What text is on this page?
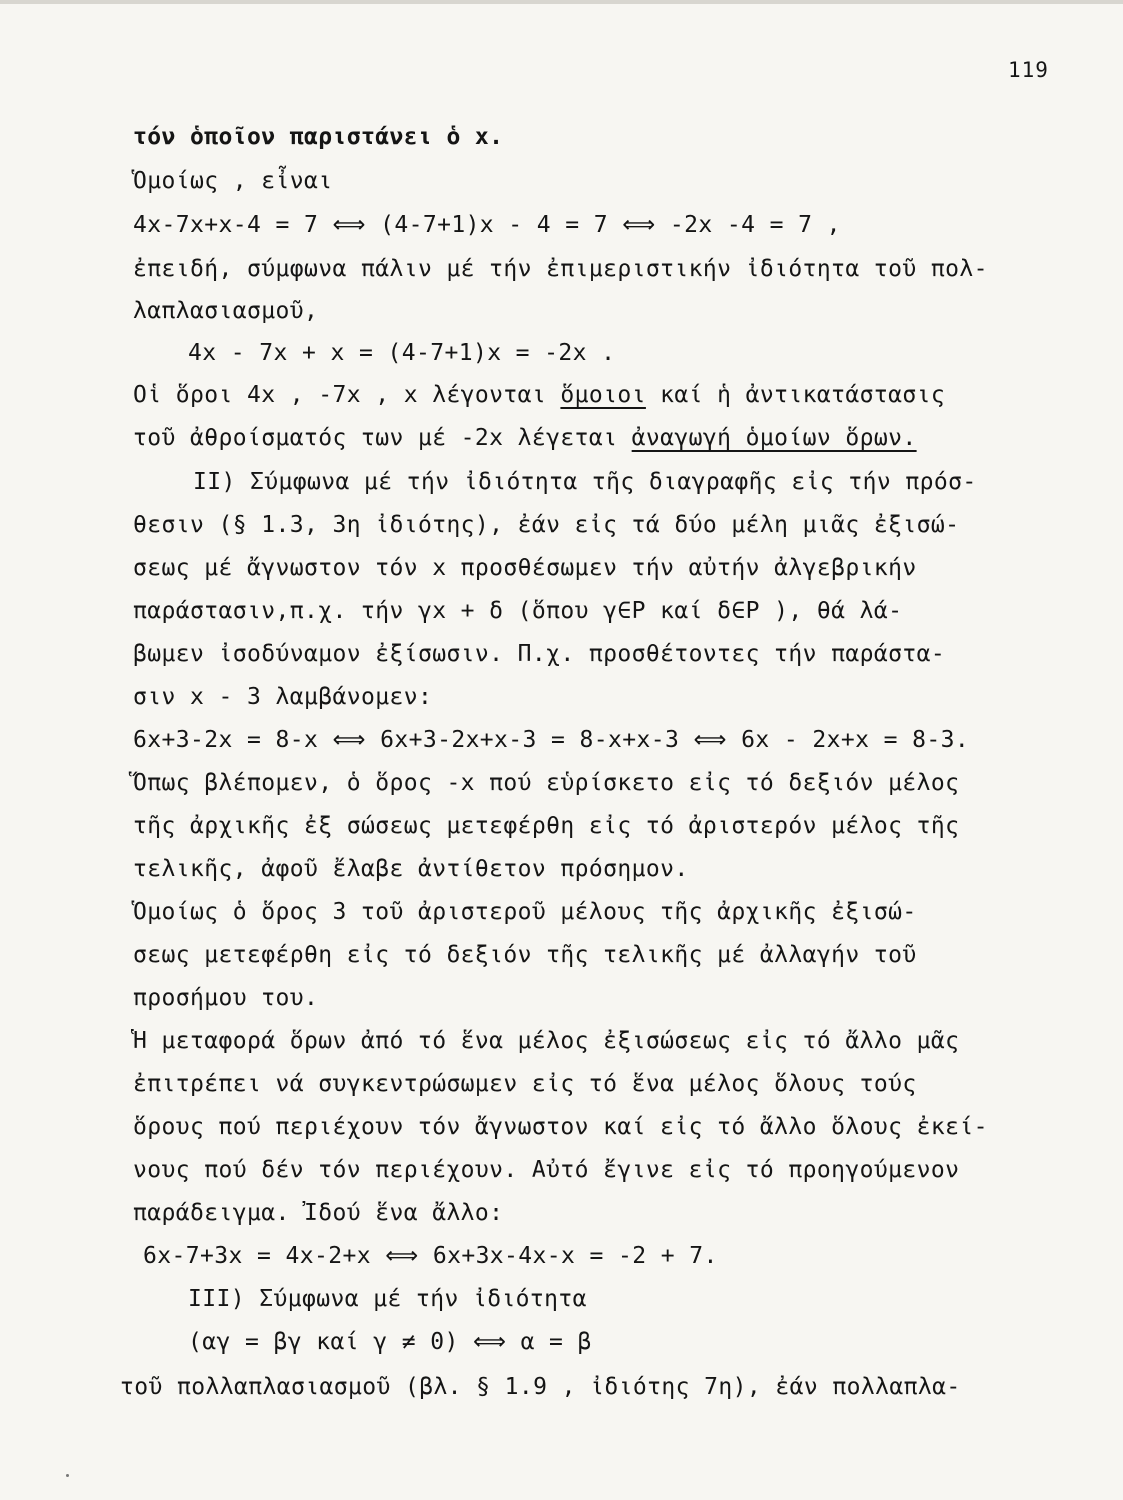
119
τόν ὁποῖον παριστάνει ὁ x.
Ὁμοίως , εἶναι
4x-7x+x-4 = 7 ⟺ (4-7+1)x - 4 = 7 ⟺ -2x -4 = 7 ,
ἐπειδή, σύμφωνα πάλιν μέ τήν ἐπιμεριστικήν ἰδιότητα τοῦ πολ-
λαπλασιασμοῦ,
4x - 7x + x = (4-7+1)x = -2x .
Οἱ ὅροι 4x , -7x , x λέγονται ὅμοιοι καί ἡ ἀντικατάστασις
τοῦ ἀθροίσματός των μέ -2x λέγεται ἀναγωγή ὁμοίων ὅρων.
II) Σύμφωνα μέ τήν ἰδιότητα τῆς διαγραφῆς εἰς τήν πρόσ-
θεσιν (§ 1.3, 3η ἰδιότης), ἐάν εἰς τά δύο μέλη μιᾶς ἐξισώ-
σεως μέ ἄγνωστον τόν x προσθέσωμεν τήν αὐτήν ἀλγεβρικήν
παράστασιν,π.χ. τήν γx + δ (ὅπου γ∈Ρ καί δ∈Ρ ), θά λά-
βωμεν ἰσοδύναμον ἐξίσωσιν. Π.χ. προσθέτοντες τήν παράστα-
σιν x - 3 λαμβάνομεν:
6x+3-2x = 8-x ⟺ 6x+3-2x+x-3 = 8-x+x-3 ⟺ 6x - 2x+x = 8-3.
Ὅπως βλέπομεν, ὁ ὅρος -x πού εὑρίσκετο εἰς τό δεξιόν μέλος
τῆς ἀρχικῆς ἐξ σώσεως μετεφέρθη εἰς τό ἀριστερόν μέλος τῆς
τελικῆς, ἀφοῦ ἔλαβε ἀντίθετον πρόσημον.
Ὁμοίως ὁ ὅρος 3 τοῦ ἀριστεροῦ μέλους τῆς ἀρχικῆς ἐξισώ-
σεως μετεφέρθη εἰς τό δεξιόν τῆς τελικῆς μέ ἀλλαγήν τοῦ
προσήμου του.
Ἡ μεταφορά ὅρων ἀπό τό ἕνα μέλος ἐξισώσεως εἰς τό ἄλλο μᾶς
ἐπιτρέπει νά συγκεντρώσωμεν εἰς τό ἕνα μέλος ὅλους τούς
ὅρους πού περιέχουν τόν ἄγνωστον καί εἰς τό ἄλλο ὅλους ἐκεί-
νους πού δέν τόν περιέχουν. Αὐτό ἔγινε εἰς τό προηγούμενον
παράδειγμα. Ἰδού ἕνα ἄλλο:
6x-7+3x = 4x-2+x ⟺ 6x+3x-4x-x = -2 + 7.
III) Σύμφωνα μέ τήν ἰδιότητα
(αγ = βγ καί γ ≠ 0) ⟺ α = β
τοῦ πολλαπλασιασμοῦ (βλ. § 1.9 , ἰδιότης 7η), ἐάν πολλαπλα-
